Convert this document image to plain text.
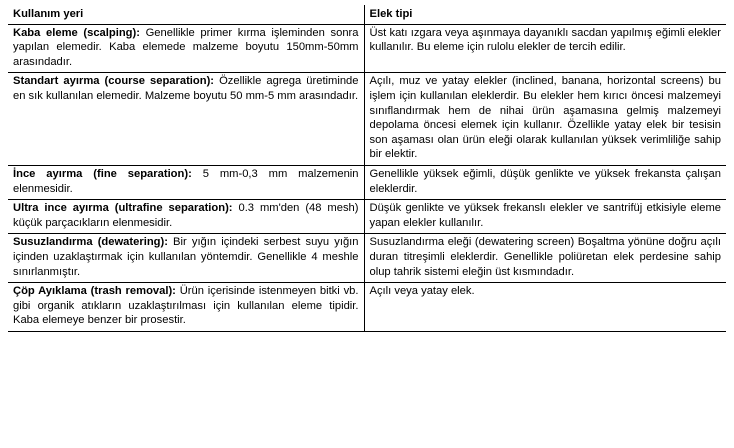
Kullanım yeri	Elek tipi
Kaba eleme (scalping): Genellikle primer kırma işleminden sonra yapılan elemedir. Kaba elemede malzeme boyutu 150mm-50mm arasındadır.	Üst katı ızgara veya aşınmaya dayanıklı sacdan yapılmış eğimli elekler kullanılır. Bu eleme için rulolu elekler de tercih edilir.
Standart ayırma (course separation): Özellikle agrega üretiminde en sık kullanılan elemedir. Malzeme boyutu 50 mm-5 mm arasındadır.	Açılı, muz ve yatay elekler (inclined, banana, horizontal screens) bu işlem için kullanılan eleklerdir. Bu elekler hem kırıcı öncesi malzemeyi sınıflandırmak hem de nihai ürün aşamasına gelmiş malzemeyi depolama öncesi elemek için kullanır. Özellikle yatay elek bir tesisin son aşaması olan ürün eleği olarak kullanılan yüksek verimliliğe sahip bir elektir.
İnce ayırma (fine separation): 5 mm-0,3 mm malzemenin elenmesidir.	Genellikle yüksek eğimli, düşük genlikte ve yüksek frekansta çalışan eleklerdir.
Ultra ince ayırma (ultrafine separation): 0.3 mm'den (48 mesh) küçük parçacıkların elenmesidir.	Düşük genlikte ve yüksek frekanslı elekler ve santrifüj etkisiyle eleme yapan elekler kullanılır.
Susuzlandırma (dewatering): Bir yığın içindeki serbest suyu yığın içinden uzaklaştırmak için kullanılan yöntemdir. Genellikle 4 meshle sınırlanmıştır.	Susuzlandırma eleği (dewatering screen) Boşaltma yönüne doğru açılı duran titreşimli eleklerdir. Genellikle poliüretan elek perdesine sahip olup tahrik sistemi eleğin üst kısmındadır.
Çöp Ayıklama (trash removal): Ürün içerisinde istenmeyen bitki vb. gibi organik atıkların uzaklaştırılması için kullanılan eleme tipidir. Kaba elemeye benzer bir prosestir.	Açılı veya yatay elek.
